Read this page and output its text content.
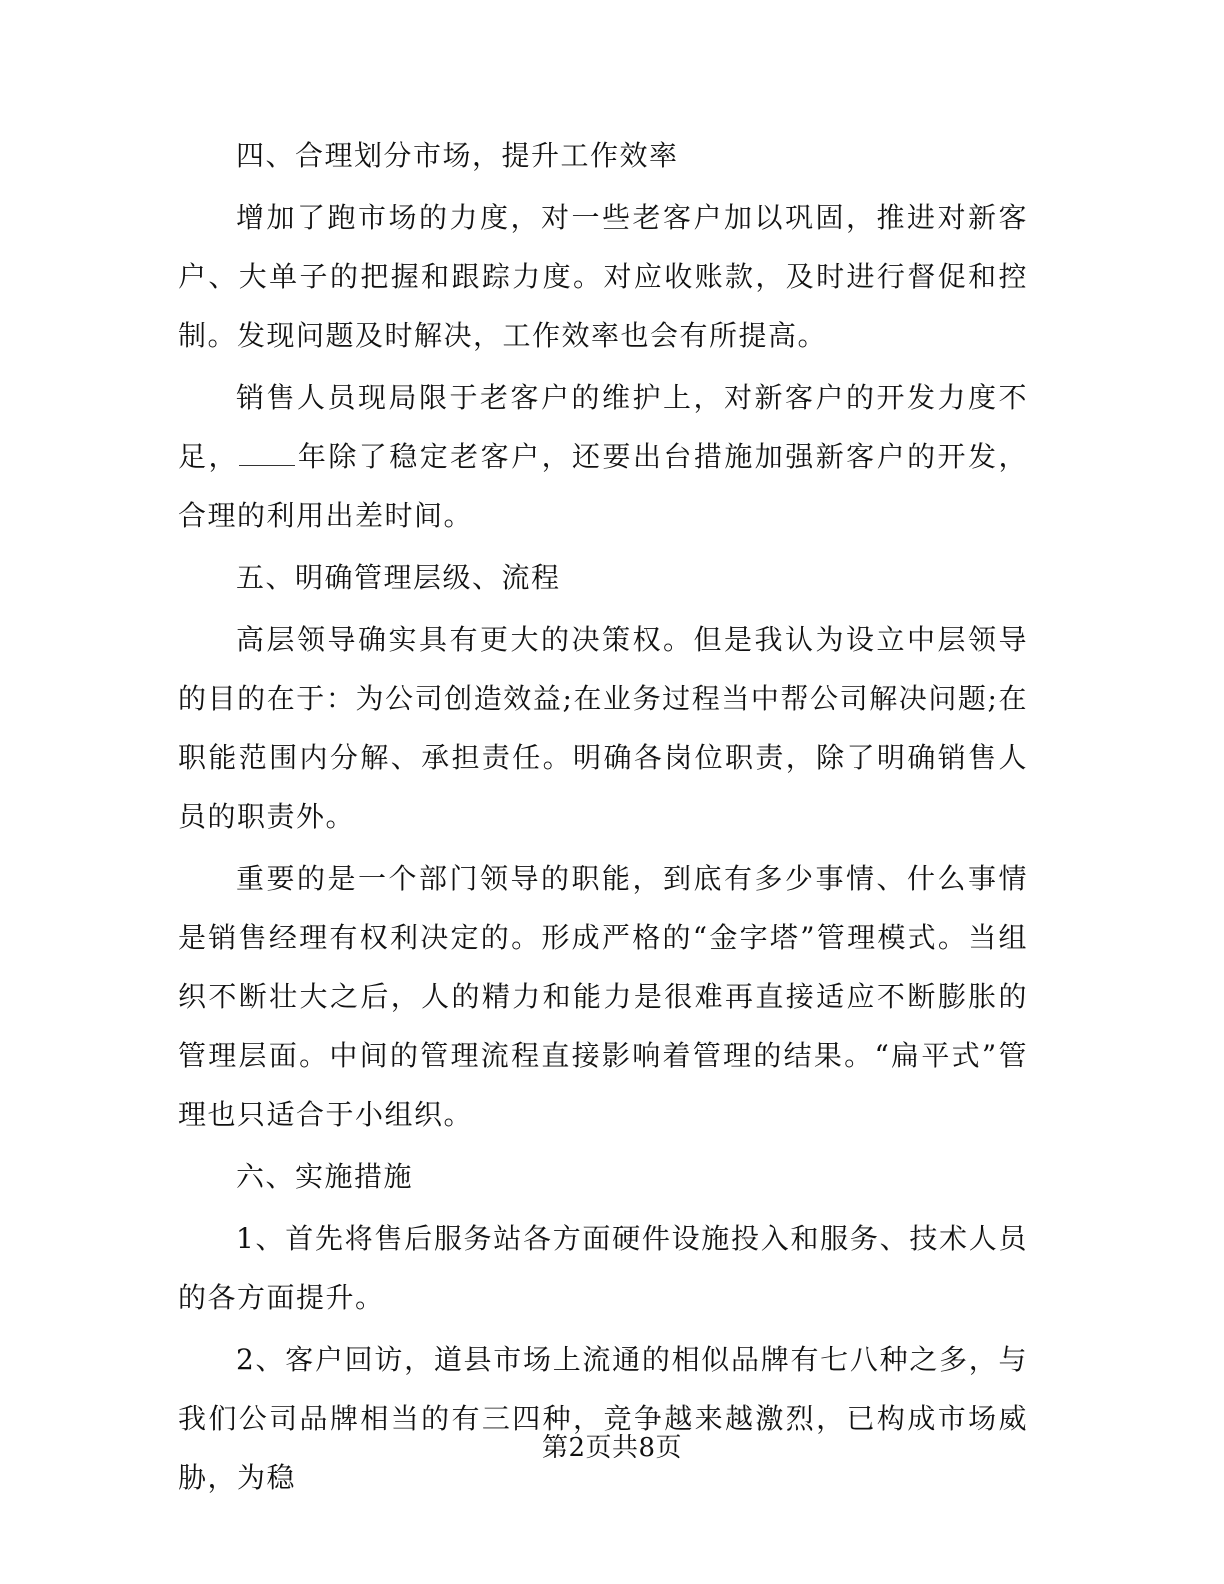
四、合理划分市场，提升工作效率

增加了跑市场的力度，对一些老客户加以巩固，推进对新客户、大单子的把握和跟踪力度。对应收账款，及时进行督促和控制。发现问题及时解决，工作效率也会有所提高。

销售人员现局限于老客户的维护上，对新客户的开发力度不足， 年除了稳定老客户，还要出台措施加强新客户的开发，合理的利用出差时间。

五、明确管理层级、流程

高层领导确实具有更大的决策权。但是我认为设立中层领导的目的在于：为公司创造效益;在业务过程当中帮公司解决问题;在职能范围内分解、承担责任。明确各岗位职责，除了明确销售人员的职责外。

重要的是一个部门领导的职能，到底有多少事情、什么事情是销售经理有权利决定的。形成严格的“金字塔”管理模式。当组织不断壮大之后，人的精力和能力是很难再直接适应不断膨胀的管理层面。中间的管理流程直接影响着管理的结果。“扁平式”管理也只适合于小组织。

六、实施措施

1、首先将售后服务站各方面硬件设施投入和服务、技术人员的各方面提升。

2、客户回访，道县市场上流通的相似品牌有七八种之多，与我们公司品牌相当的有三四种，竞争越来越激烈，已构成市场威胁，为稳

第2页共8页
